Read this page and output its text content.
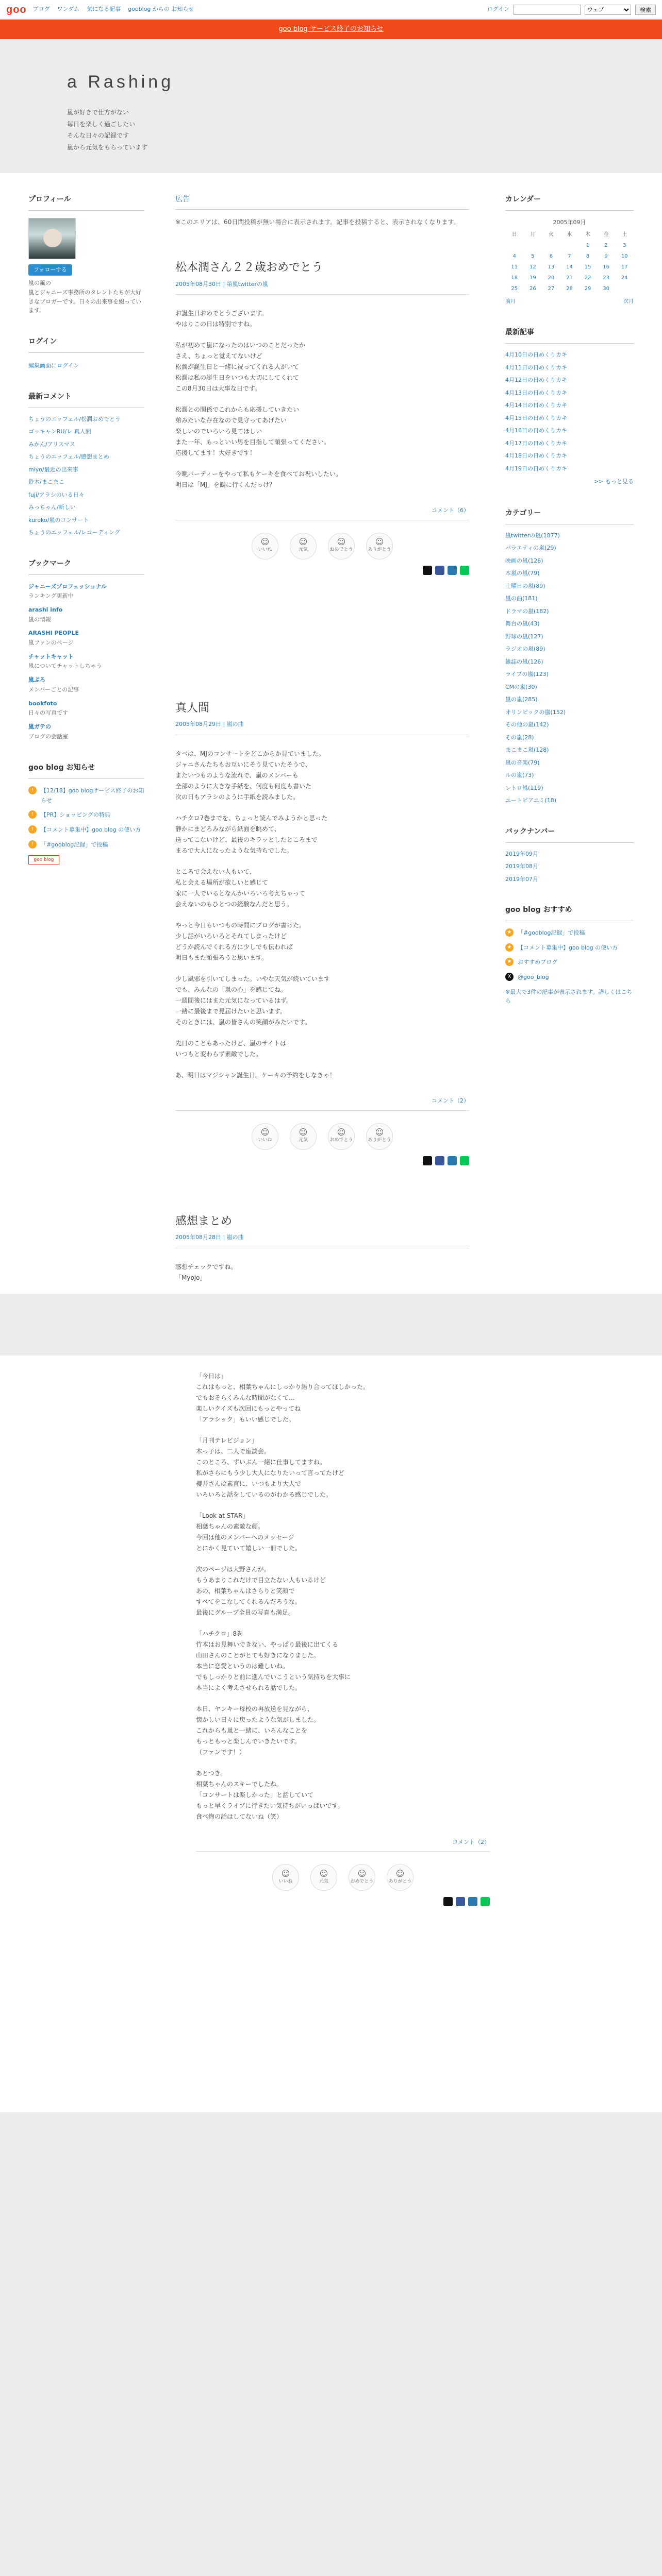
goo ブログ ワンダム 気になる記事 gooblog からの お知らせ	ログイン
ウェブ	検索
goo blog サービス終了のお知らせ
a Rashing
嵐が好きで仕方がない
毎日を楽しく過ごしたい
そんな日々の記録です
嵐から元気をもらっています
プロフィール
フォローする
嵐の風の
嵐とジャニーズ事務所のタレントたちが大好きなブロガーです。日々の出来事を綴っています。
ログイン
編集画面にログイン
最新コメント
ちょうのエッフェル/松潤おめでとう
ゴッキャンRU/レ 真人間
みかん/アリスマス
ちょうのエッフェル/感想まとめ
miyo/最近の出来事
鈴木/まこまこ
fuji/アラシのいる日々
みっちゃん/新しい
kuroko/嵐のコンサート
ちょうのエッフェル/レコーディング
ブックマーク
ジャニーズプロフェッショナル
ランキング更新中
arashi info
嵐の情報
ARASHI PEOPLE
嵐ファンのページ
チャットキャット
嵐についてチャットしちゃう
嵐ぶろ
メンバーごとの記事
bookfoto
日々の写真です
嵐ガテの
ブログの会話室
goo blog お知らせ
!	【12/18】goo blogサービス終了のお知らせ
!	【PR】ショッピングの特典
!	【コメント募集中】goo blog の使い方
!	「#gooblog記録」で投稿
goo blog
広告
※このエリアは、60日間投稿が無い場合に表示されます。記事を投稿すると、表示されなくなります。
松本潤さん２２歳おめでとう
2005年08月30日 | 第嵐twitterの嵐

お誕生日おめでとうございます。
やはりこの日は特別ですね。

私が初めて嵐になったのはいつのことだったか
さえ、ちょっと覚えてないけど
松潤が誕生日と一緒に祝ってくれる人がいて
松潤は私の誕生日をいつも大切にしてくれて
この8月30日は大事な日です。

松潤との関係でこれからも応援していきたい
弟みたいな存在なので見守ってあげたい
楽しいのでいろいろ見てほしい
また一年、もっといい男を目指して頑張ってください。
応援してます！大好きです！

今晩パーティーをやって私もケーキを食べてお祝いしたい。
明日は「MJ」を観に行くんだっけ？

コメント（6）
☺
いいね
☺
元気
☺
おめでとう
☺
ありがとう
真人間
2005年08月29日 | 嵐の曲

タベは、MJのコンサートをどこからか見ていました。
ジャニさんたちもお互いにそう見ていたそうで、
またいつものような流れで、嵐のメンバーも
全部のように大きな手紙を、何度も何度も書いた
次の日もアラシのように手紙を読みました。

ハチクロ7巻までを、ちょっと読んでみようかと思った
静かにまどろみながら紙面を眺めて、
送ってこないけど、最後のキラッとしたところまで
まるで大人になったような気持ちでした。

ところで会えない人もいて、
私と会える場所が欲しいと感じて
家に一人でいるとなんかいろいろ考えちゃって
会えないのもひとつの経験なんだと思う。

やっと今日もいつもの時間にブログが書けた。
少し話がいろいろとそれてしまったけど
どうか読んでくれる方に少しでも伝われば
明日もまた頑張ろうと思います。

少し風邪を引いてしまった。いやな天気が続いています
でも、みんなの「嵐の心」を感じてね。
一週間後にはまた元気になっているはず。
一緒に最後まで見届けたいと思います。
そのときには、嵐の皆さんの笑顔がみたいです。

先日のこともあったけど、嵐のサイトは
いつもと変わらず素敵でした。

あ、明日はマジシャン誕生日。ケーキの予約をしなきゃ！

コメント（2）
☺
いいね
☺
元気
☺
おめでとう
☺
ありがとう
感想まとめ
2005年08月28日 | 嵐の曲

感想チェックですね。
「Myojo」

カレンダー
2005年09月
日	月	火	水	木	金	土
				1	2	3
4	5	6	7	8	9	10
11	12	13	14	15	16	17
18	19	20	21	22	23	24
25	26	27	28	29	30	
前月	次月
最新記事
4月10日の日めくりカキ
4月11日の日めくりカキ
4月12日の日めくりカキ
4月13日の日めくりカキ
4月14日の日めくりカキ
4月15日の日めくりカキ
4月16日の日めくりカキ
4月17日の日めくりカキ
4月18日の日めくりカキ
4月19日の日めくりカキ
>> もっと見る
カテゴリー
嵐twitterの嵐(1877)
バラエティの嵐(29)
映画の嵐(126)
本嵐の嵐(79)
土曜日の嵐(89)
嵐の曲(181)
ドラマの嵐(182)
舞台の嵐(43)
野球の嵐(127)
ラジオの嵐(89)
雑誌の嵐(126)
ライブの嵐(123)
CMの嵐(30)
嵐の嵐(285)
オリンピックの嵐(152)
その他の嵐(142)
その嵐(28)
まこまこ嵐(128)
嵐の音楽(79)
ルの嵐(73)
レトロ嵐(119)
ユートピアユミ(18)
バックナンバー
2019年09月
2019年08月
2019年07月
goo blog おすすめ
★	「#gooblog記録」で投稿
★	【コメント募集中】goo blog の使い方
★	おすすめブログ
X	@goo_blog
※最大で3件の記事が表示されます。詳しくはこちら

「今日は」
これはもっと、相葉ちゃんにしっかり語り合ってほしかった。
でもおそらくみんな時間がなくて…
楽しいクイズも次回にもっとやってね
「アラシック」もいい感じでした。

「月刊テレビジョン」
木っ子は、二人で座談会。
このところ、ずいぶん一緒に仕事してますね。
私がさらにもう少し大人になりたいって言ってたけど
櫻井さんは素直に、いつもより大人で
いろいろと話をしているのがわかる感じでした。

「Look at STAR」
相葉ちゃんの素敵な顔。
今回は他のメンバーへのメッセージ
とにかく見ていて嬉しい一冊でした。

次のページは大野さんが。
もうあまりこれだけで目立たない人もいるけど
あの、相葉ちゃんはさらりと笑顔で
すべてをこなしてくれるんだろうな。
最後にグループ全員の写真も満足。

「ハチクロ」8巻
竹本はお見舞いできない、やっぱり最後に出てくる
山田さんのことがとても好きになりました。
本当に恋愛というのは難しいね。
でもしっかりと前に進んでいこうという気持ちを大事に
本当によく考えさせられる話でした。

本日、ヤンキー母校の再放送を見ながら、
懐かしい日々に戻ったような気がしました。
これからも嵐と一緒に、いろんなことを
もっともっと楽しんでいきたいです。
（ファンです！）

あとつき。
相葉ちゃんのスキーでしたね。
「コンサートは楽しかった」と話していて
もっと早くライブに行きたい気持ちがいっぱいです。
食べ物の話はしてないね（笑）

コメント（2）
☺
いいね
☺
元気
☺
おめでとう
☺
ありがとう
